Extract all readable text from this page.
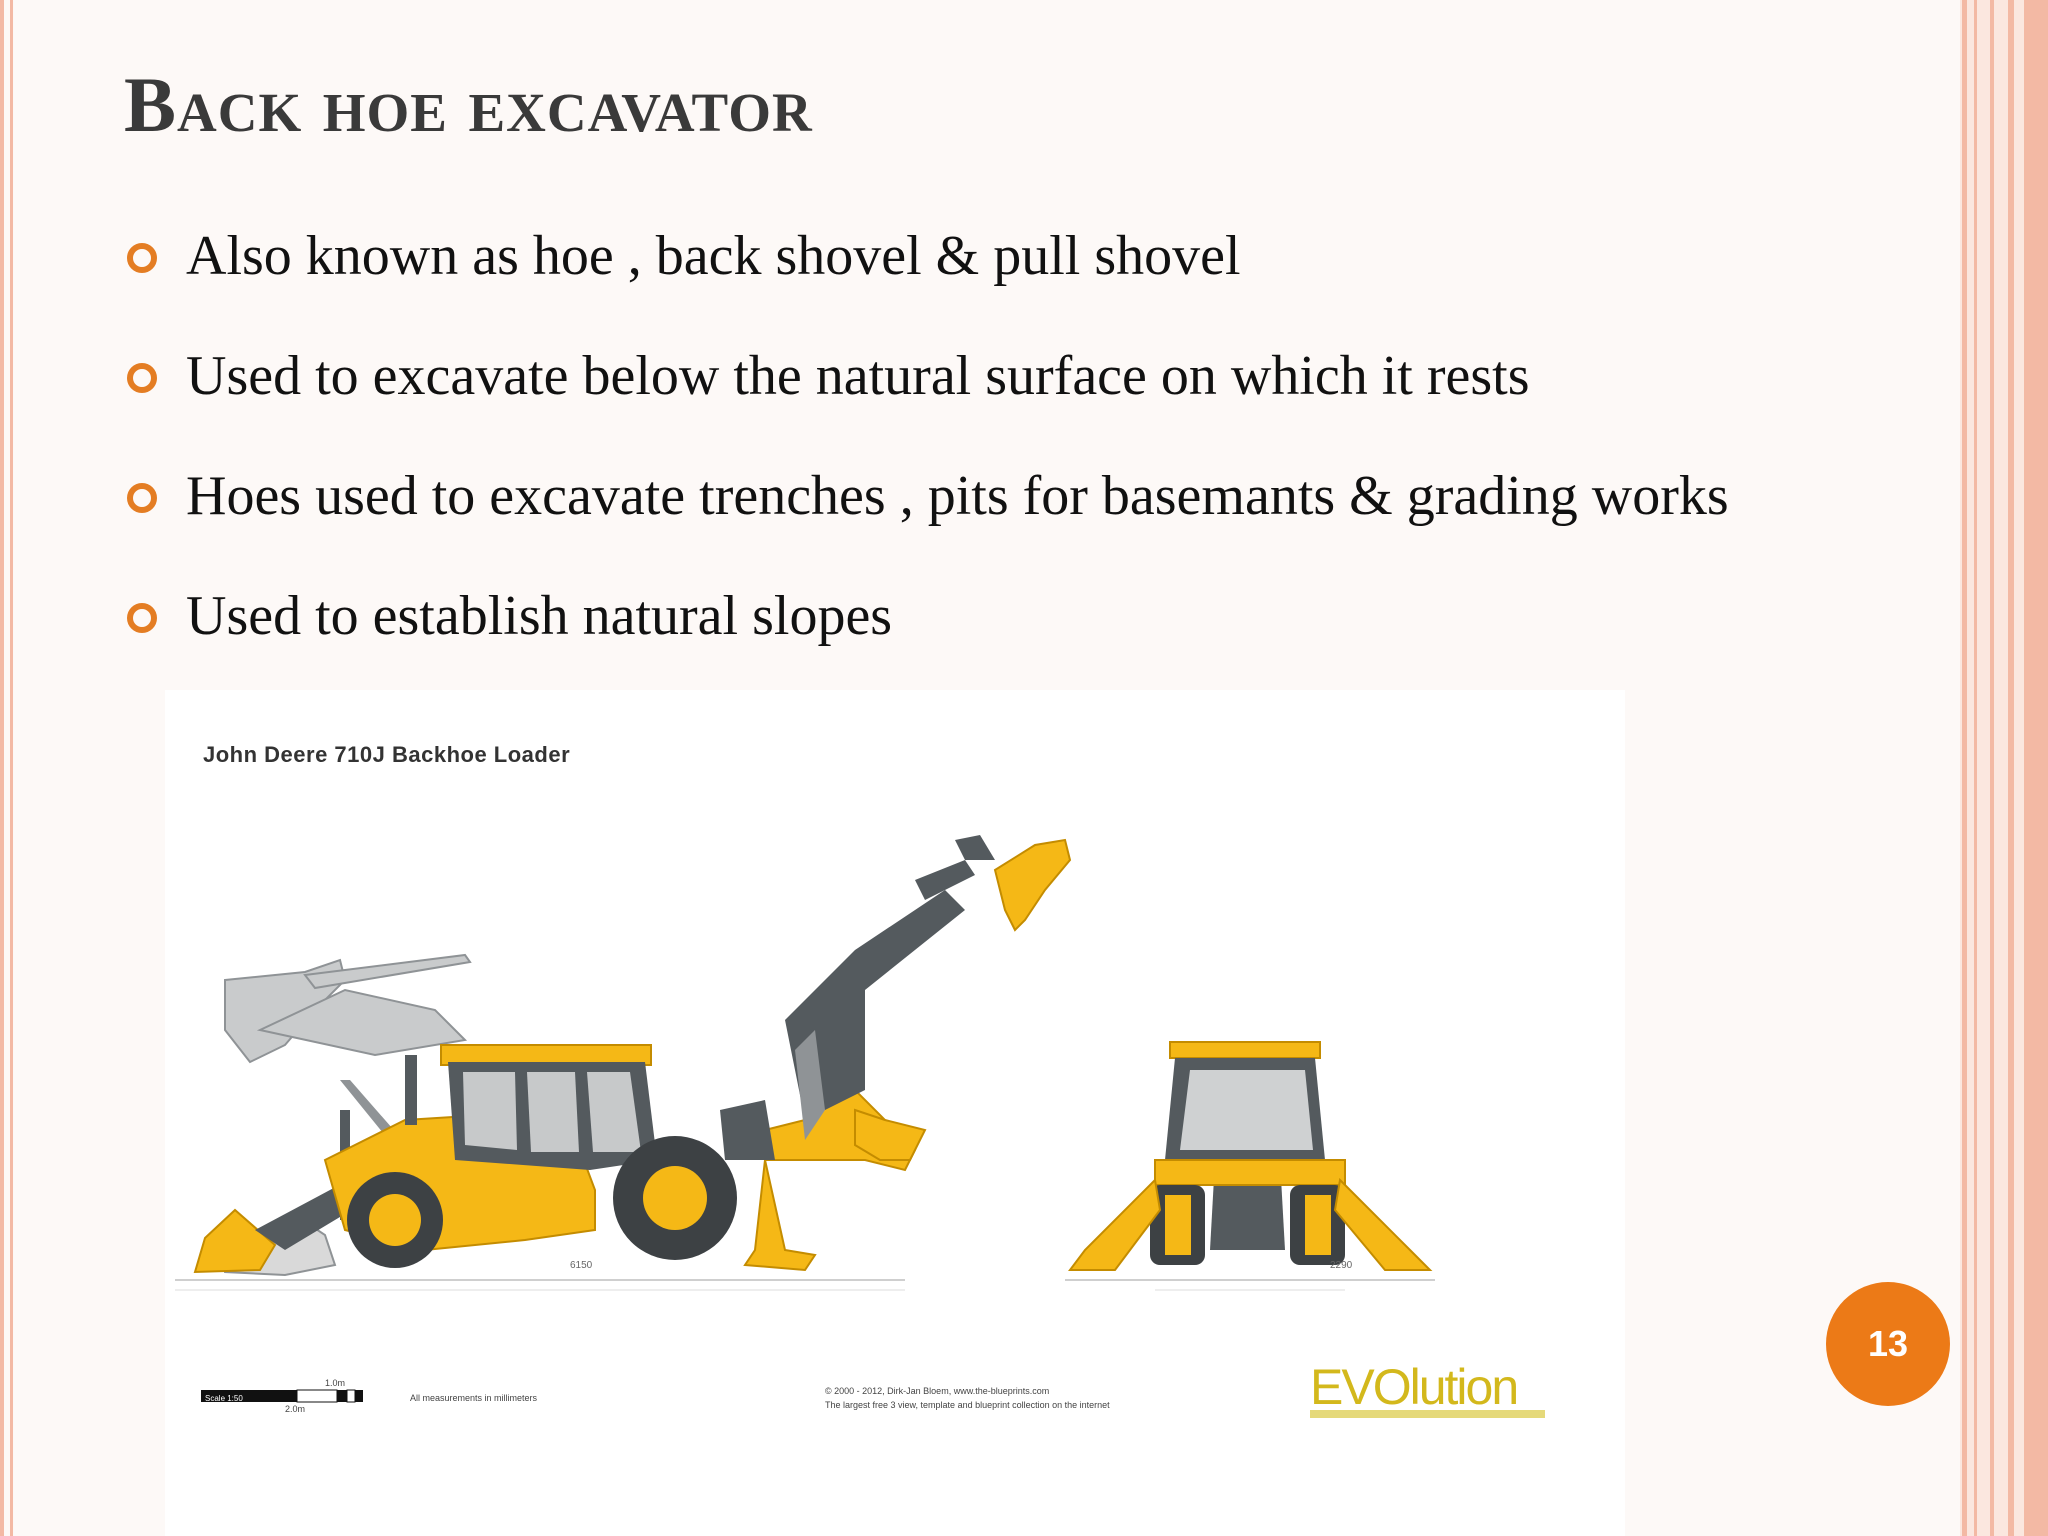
Back hoe excavator
Also known as hoe , back shovel & pull shovel
Used to excavate below the natural surface on which it rests
Hoes used to excavate trenches , pits for basemants & grading works
Used to establish natural slopes
John Deere 710J Backhoe Loader
6150	2290
Scale 1:50
1.0m
2.0m
All measurements in millimeters
© 2000 - 2012, Dirk-Jan Bloem, www.the-blueprints.com
The largest free 3 view, template and blueprint collection on the internet	EVOlution
13
